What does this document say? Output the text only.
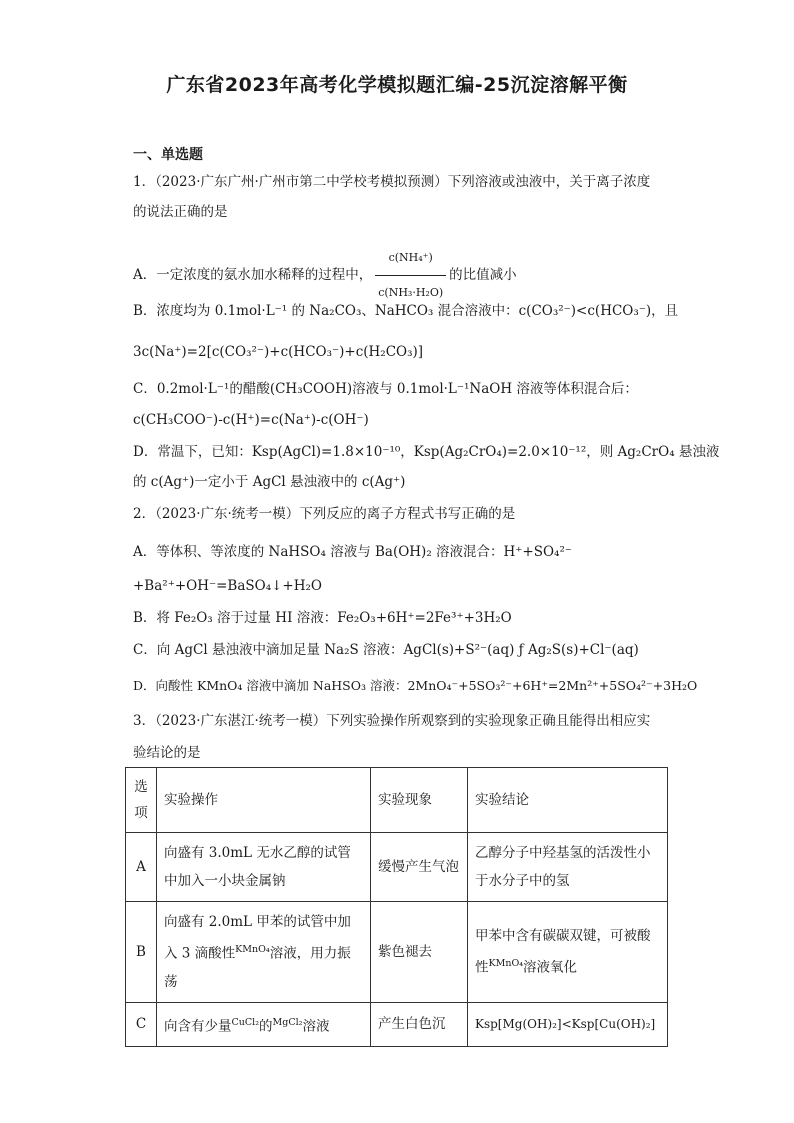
广东省2023年高考化学模拟题汇编-25沉淀溶解平衡
一、单选题
1．（2023·广东广州·广州市第二中学校考模拟预测）下列溶液或浊液中，关于离子浓度
的说法正确的是
A．一定浓度的氨水加水稀释的过程中， $\frac{\text{c(NH₄⁺)}}{\text{c(NH₃·H₂O)}}$ 的比值减小
B．浓度均为 0.1mol·L⁻¹ 的 Na₂CO₃、NaHCO₃ 混合溶液中：c(CO₃²⁻)<c(HCO₃⁻)，且
3c(Na⁺)=2[c(CO₃²⁻)+c(HCO₃⁻)+c(H₂CO₃)]
C．0.2mol·L⁻¹的醋酸(CH₃COOH)溶液与 0.1mol·L⁻¹NaOH 溶液等体积混合后：
c(CH₃COO⁻)-c(H⁺)=c(Na⁺)-c(OH⁻)
D．常温下，已知：Ksp(AgCl)=1.8×10⁻¹⁰，Ksp(Ag₂CrO₄)=2.0×10⁻¹²，则 Ag₂CrO₄ 悬浊液
的 c(Ag⁺)一定小于 AgCl 悬浊液中的 c(Ag⁺)
2．（2023·广东·统考一模）下列反应的离子方程式书写正确的是
A．等体积、等浓度的 NaHSO₄ 溶液与 Ba(OH)₂ 溶液混合：H⁺+SO₄²⁻
+Ba²⁺+OH⁻=BaSO₄↓+H₂O
B．将 Fe₂O₃ 溶于过量 HI 溶液：Fe₂O₃+6H⁺=2Fe³⁺+3H₂O
C．向 AgCl 悬浊液中滴加足量 Na₂S 溶液：AgCl(s)+S²⁻(aq) ƒ Ag₂S(s)+Cl⁻(aq)
D．向酸性 KMnO₄ 溶液中滴加 NaHSO₃ 溶液：2MnO₄⁻+5SO₃²⁻+6H⁺=2Mn²⁺+5SO₄²⁻+3H₂O
3．（2023·广东湛江·统考一模）下列实验操作所观察到的实验现象正确且能得出相应实
验结论的是
选项	实验操作	实验现象	实验结论
A	向盛有 3.0mL 无水乙醇的试管中加入一小块金属钠	缓慢产生气泡	乙醇分子中羟基氢的活泼性小于水分子中的氢
B	向盛有 2.0mL 甲苯的试管中加入 3 滴酸性$^{KMnO_4}$溶液，用力振荡	紫色褪去	甲苯中含有碳碳双键，可被酸性$^{KMnO_4}$溶液氧化
C	向含有少量$^{CuCl_2}$的$^{MgCl_2}$溶液	产生白色沉	Ksp[Mg(OH)₂]<Ksp[Cu(OH)₂]
